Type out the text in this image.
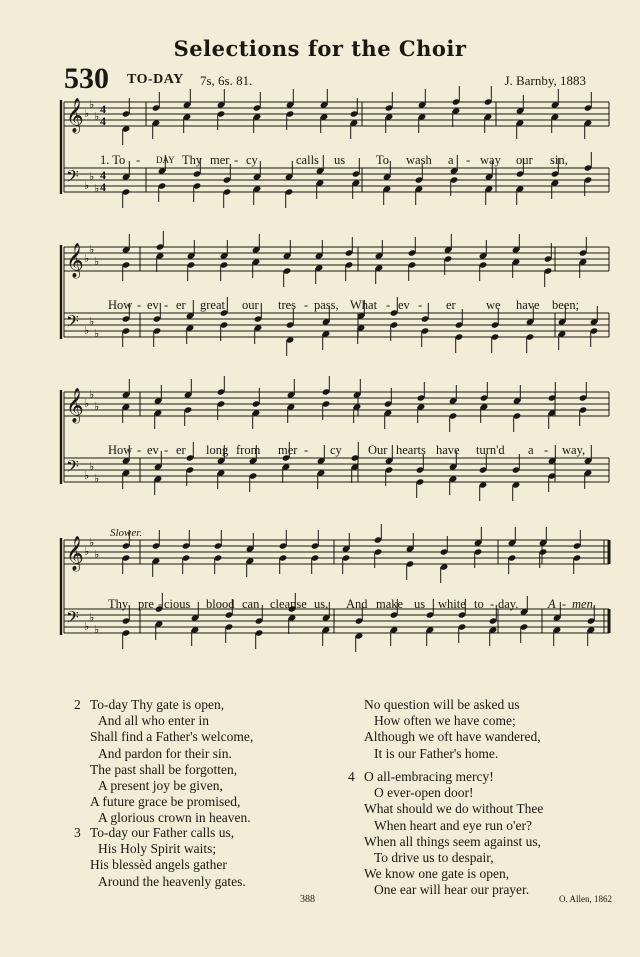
Selections for the Choir
530 TO-DAY 7s, 6s. 81.	J. Barnby, 1883
𝄞 ♭
♭
♭
𝄢 ♭
♭
♭
4
4
4
4
𝄞 ♭
♭
♭
𝄢 ♭
♭
♭
𝄞 ♭
♭
♭
𝄢 ♭
♭
♭
𝄞 ♭
♭
♭
𝄢 ♭
♭
♭
Slower.
1. To - DAY Thy mer - cy	calls us To wash a - way our sin,
How - ev - er great our tres - pass, What - ev - er we have been;
How - ev - er long from mer - cy Our hearts have turn'd a - way,
Thy pre - cious blood can cleanse us, And make us white to - day. A - men.
2 To-day Thy gate is open,
And all who enter in
Shall find a Father's welcome,
And pardon for their sin.
The past shall be forgotten,
A present joy be given,
A future grace be promised,
A glorious crown in heaven.
3 To-day our Father calls us,
His Holy Spirit waits;
His blessèd angels gather
Around the heavenly gates.
No question will be asked us
How often we have come;
Although we oft have wandered,
It is our Father's home.
4 O all-embracing mercy!
O ever-open door!
What should we do without Thee
When heart and eye run o'er?
When all things seem against us,
To drive us to despair,
We know one gate is open,
One ear will hear our prayer.
388	O. Allen, 1862
